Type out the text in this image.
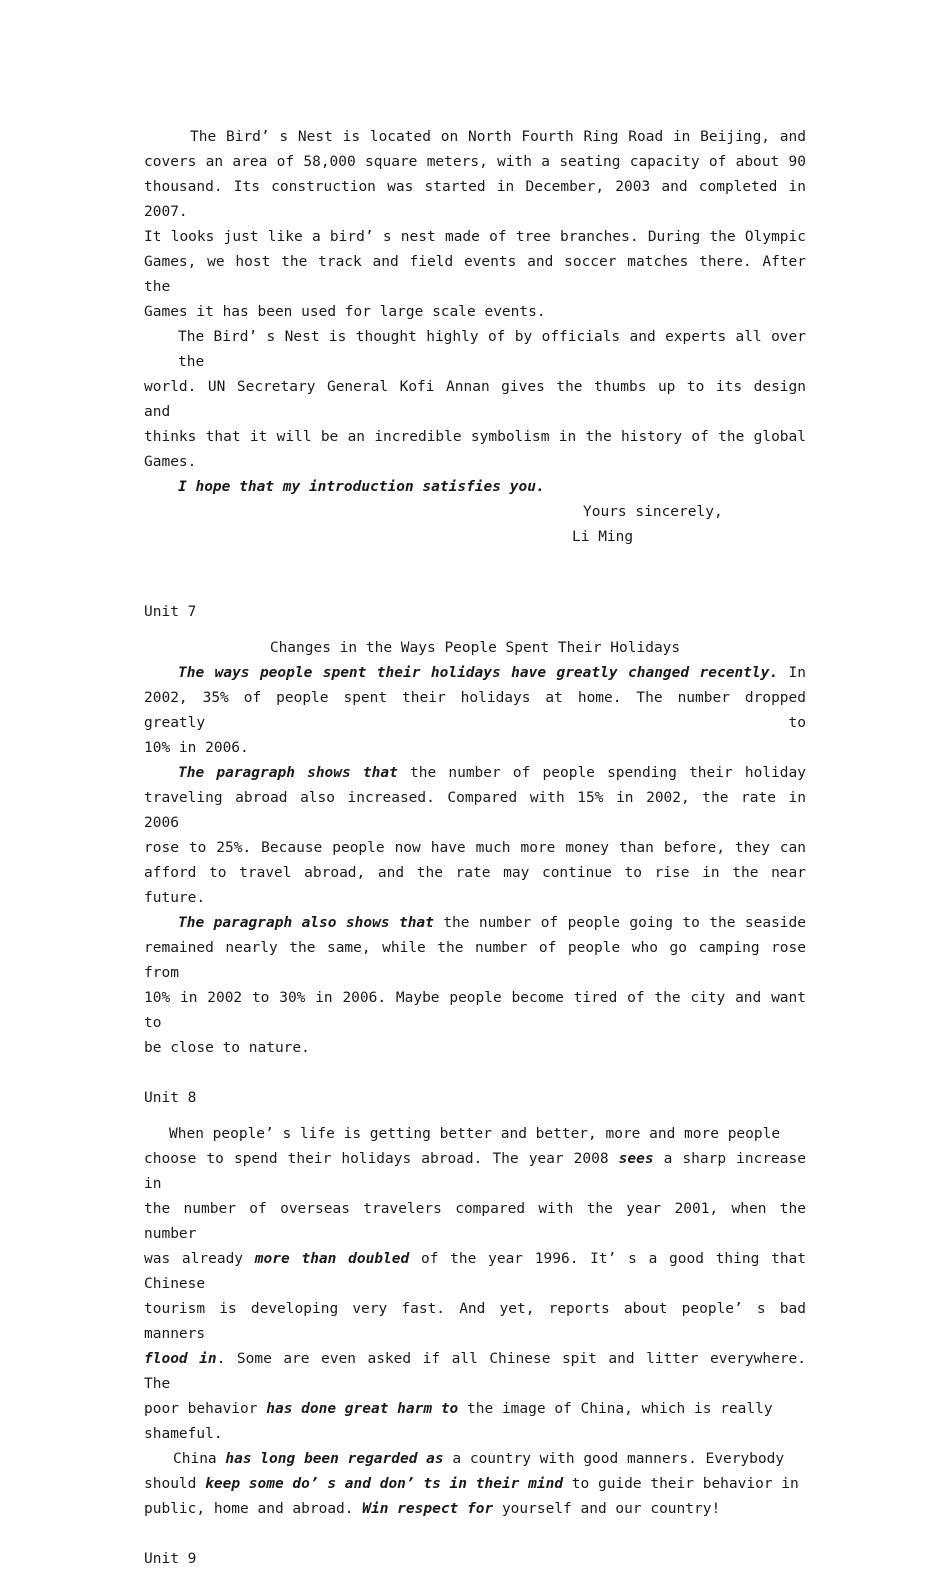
The Bird’ s Nest is located on North Fourth Ring Road in Beijing, and

covers an area of 58,000 square meters, with a seating capacity of about 90

thousand. Its construction was started in December, 2003 and completed in 2007.

It looks just like a bird’ s nest made of tree branches. During the Olympic

Games, we host the track and field events and soccer matches there. After the

Games it has been used for large scale events.

The Bird’ s Nest is thought highly of by officials and experts all over the

world. UN Secretary General Kofi Annan gives the thumbs up to its design and

thinks that it will be an incredible symbolism in the history of the global

Games.

I hope that my introduction satisfies you.

Yours sincerely,

Li Ming

Unit 7

Changes in the Ways People Spent Their Holidays

The ways people spent their holidays have greatly changed recently. In

2002, 35% of people spent their holidays at home. The number dropped greatly to

10% in 2006.

The paragraph shows that the number of people spending their holiday

traveling abroad also increased. Compared with 15% in 2002, the rate in 2006

rose to 25%. Because people now have much more money than before, they can

afford to travel abroad, and the rate may continue to rise in the near future.

The paragraph also shows that the number of people going to the seaside

remained nearly the same, while the number of people who go camping rose from

10% in 2002 to 30% in 2006. Maybe people become tired of the city and want to

be close to nature.

Unit 8

When people’ s life is getting better and better, more and more people

choose to spend their holidays abroad. The year 2008 sees a sharp increase in

the number of overseas travelers compared with the year 2001, when the number

was already more than doubled of the year 1996. It’ s a good thing that Chinese

tourism is developing very fast. And yet, reports about people’ s bad manners

flood in. Some are even asked if all Chinese spit and litter everywhere. The

poor behavior has done great harm to the image of China, which is really

shameful.

China has long been regarded as a country with good manners. Everybody

should keep some do’ s and don’ ts in their mind to guide their behavior in

public, home and abroad. Win respect for yourself and our country!

Unit 9
